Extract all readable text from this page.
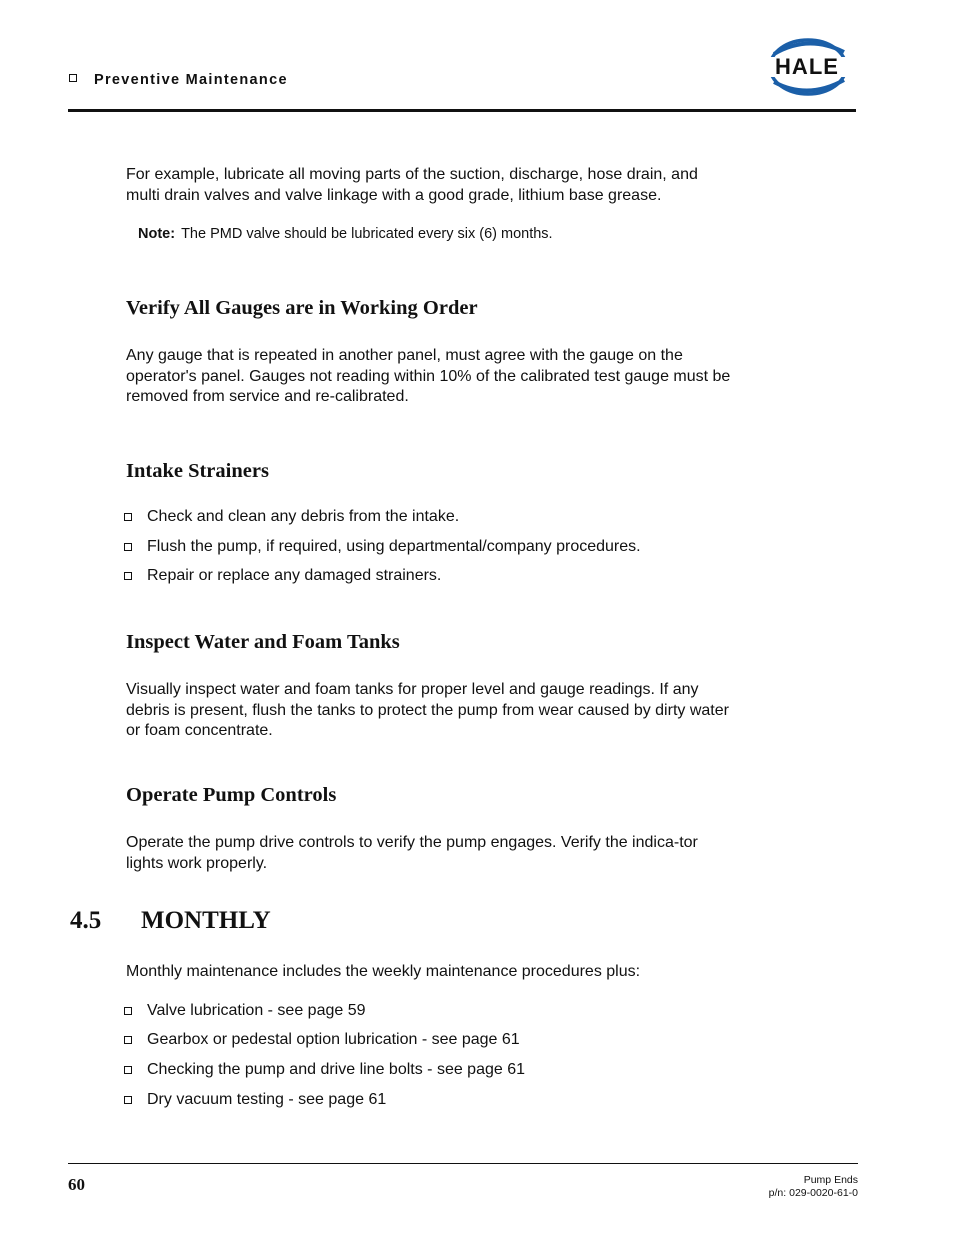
Preventive Maintenance
HALE
For example, lubricate all moving parts of the suction, discharge, hose drain, and multi drain valves and valve linkage with a good grade, lithium base grease.
Note: The PMD valve should be lubricated every six (6) months.
Verify All Gauges are in Working Order
Any gauge that is repeated in another panel, must agree with the gauge on the operator's panel. Gauges not reading within 10% of the calibrated test gauge must be removed from service and re-calibrated.
Intake Strainers
Check and clean any debris from the intake.
Flush the pump, if required, using departmental/company procedures.
Repair or replace any damaged strainers.
Inspect Water and Foam Tanks
Visually inspect water and foam tanks for proper level and gauge readings. If any debris is present, flush the tanks to protect the pump from wear caused by dirty water or foam concentrate.
Operate Pump Controls
Operate the pump drive controls to verify the pump engages. Verify the indica-tor lights work properly.
4.5 MONTHLY
Monthly maintenance includes the weekly maintenance procedures plus:
Valve lubrication - see page 59
Gearbox or pedestal option lubrication - see page 61
Checking the pump and drive line bolts - see page 61
Dry vacuum testing - see page 61
60	Pump Ends
p/n: 029-0020-61-0
